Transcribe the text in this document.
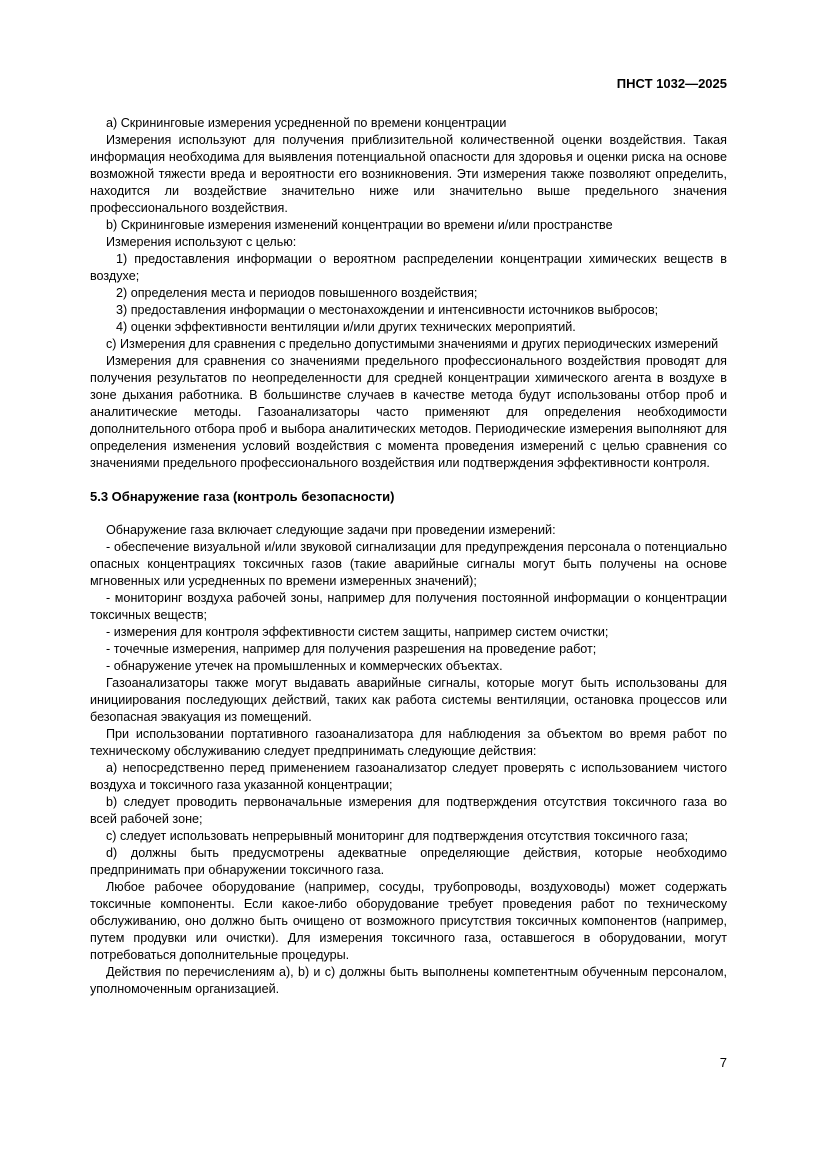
ПНСТ 1032—2025

a) Скрининговые измерения усредненной по времени концентрации

Измерения используют для получения приблизительной количественной оценки воздействия. Такая информация необходима для выявления потенциальной опасности для здоровья и оценки риска на основе возможной тяжести вреда и вероятности его возникновения. Эти измерения также позволяют определить, находится ли воздействие значительно ниже или значительно выше предельного значения профессионального воздействия.

b) Скрининговые измерения изменений концентрации во времени и/или пространстве

Измерения используют с целью:

1) предоставления информации о вероятном распределении концентрации химических веществ в воздухе;

2) определения места и периодов повышенного воздействия;

3) предоставления информации о местонахождении и интенсивности источников выбросов;

4) оценки эффективности вентиляции и/или других технических мероприятий.

c) Измерения для сравнения с предельно допустимыми значениями и других периодических измерений

Измерения для сравнения со значениями предельного профессионального воздействия проводят для получения результатов по неопределенности для средней концентрации химического агента в воздухе в зоне дыхания работника. В большинстве случаев в качестве метода будут использованы отбор проб и аналитические методы. Газоанализаторы часто применяют для определения необходимости дополнительного отбора проб и выбора аналитических методов. Периодические измерения выполняют для определения изменения условий воздействия с момента проведения измерений с целью сравнения со значениями предельного профессионального воздействия или подтверждения эффективности контроля.

5.3 Обнаружение газа (контроль безопасности)

Обнаружение газа включает следующие задачи при проведении измерений:

- обеспечение визуальной и/или звуковой сигнализации для предупреждения персонала о потенциально опасных концентрациях токсичных газов (такие аварийные сигналы могут быть получены на основе мгновенных или усредненных по времени измеренных значений);

- мониторинг воздуха рабочей зоны, например для получения постоянной информации о концентрации токсичных веществ;

- измерения для контроля эффективности систем защиты, например систем очистки;

- точечные измерения, например для получения разрешения на проведение работ;

- обнаружение утечек на промышленных и коммерческих объектах.

Газоанализаторы также могут выдавать аварийные сигналы, которые могут быть использованы для инициирования последующих действий, таких как работа системы вентиляции, остановка процессов или безопасная эвакуация из помещений.

При использовании портативного газоанализатора для наблюдения за объектом во время работ по техническому обслуживанию следует предпринимать следующие действия:

a) непосредственно перед применением газоанализатор следует проверять с использованием чистого воздуха и токсичного газа указанной концентрации;

b) следует проводить первоначальные измерения для подтверждения отсутствия токсичного газа во всей рабочей зоне;

c) следует использовать непрерывный мониторинг для подтверждения отсутствия токсичного газа;

d) должны быть предусмотрены адекватные определяющие действия, которые необходимо предпринимать при обнаружении токсичного газа.

Любое рабочее оборудование (например, сосуды, трубопроводы, воздуховоды) может содержать токсичные компоненты. Если какое-либо оборудование требует проведения работ по техническому обслуживанию, оно должно быть очищено от возможного присутствия токсичных компонентов (например, путем продувки или очистки). Для измерения токсичного газа, оставшегося в оборудовании, могут потребоваться дополнительные процедуры.

Действия по перечислениям a), b) и c) должны быть выполнены компетентным обученным персоналом, уполномоченным организацией.

7
